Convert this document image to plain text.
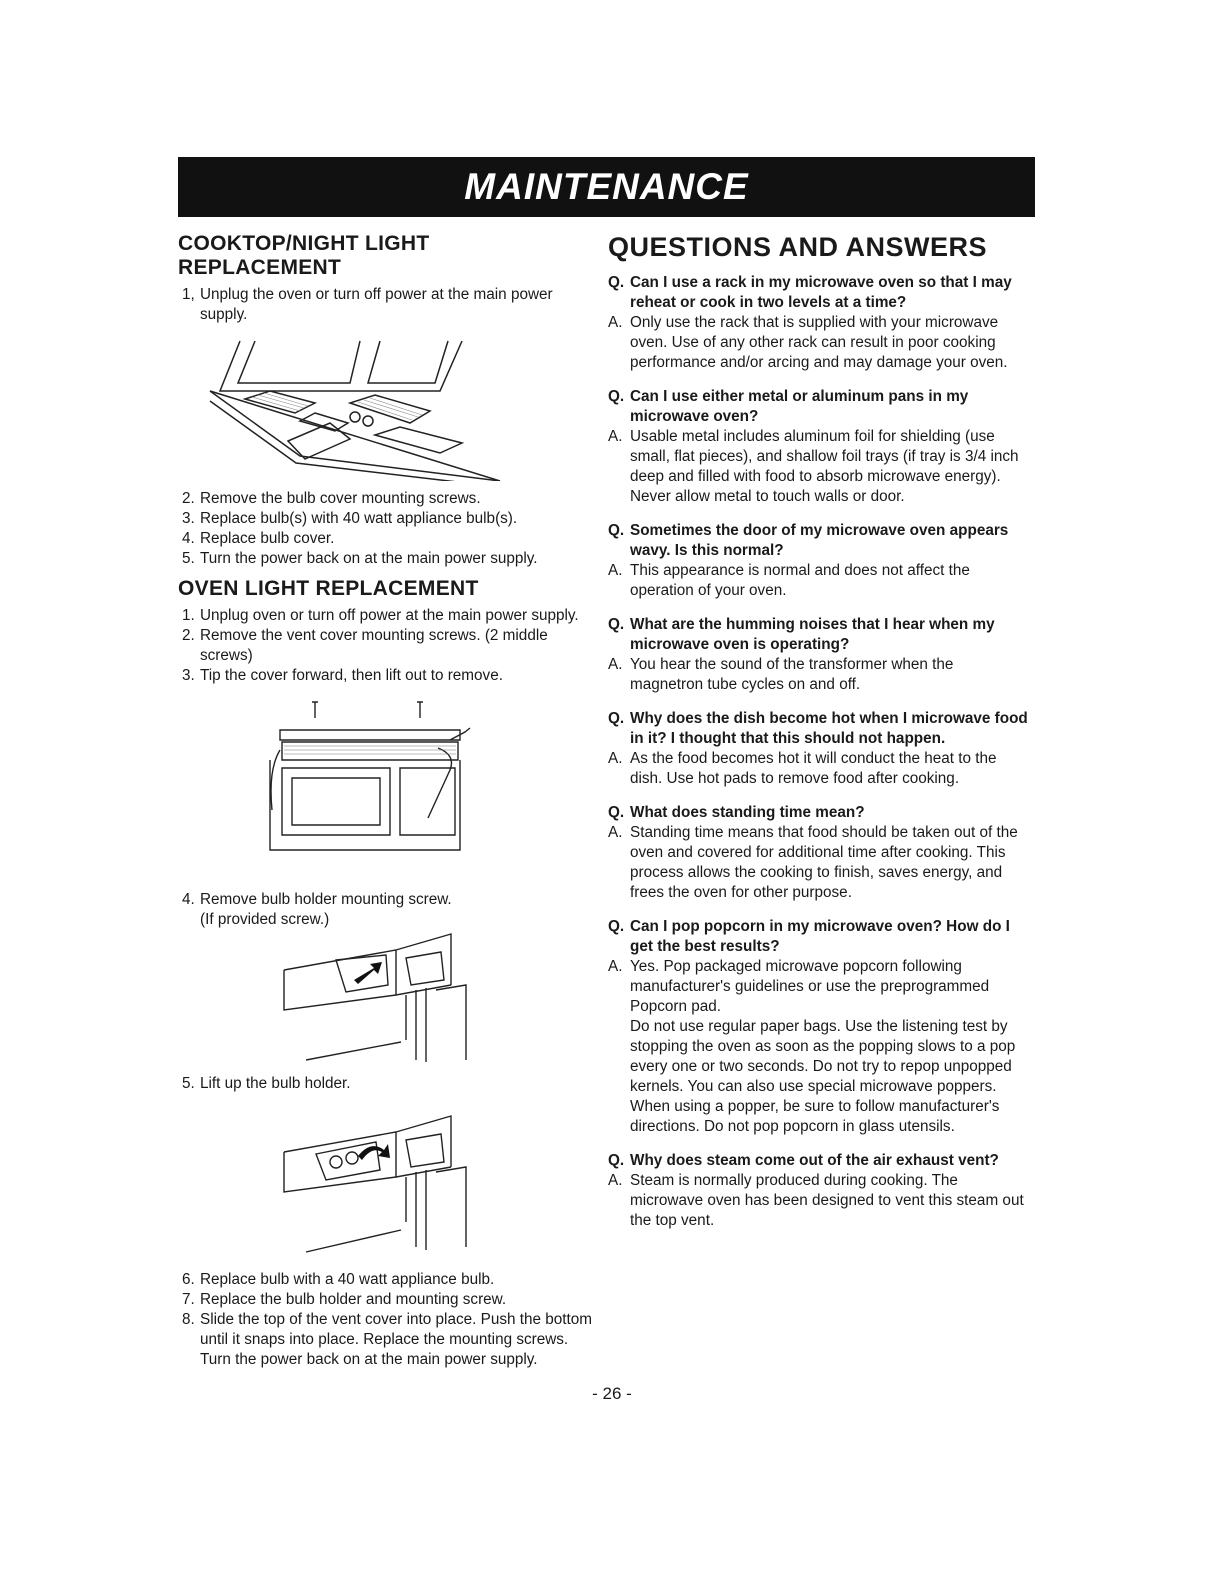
MAINTENANCE
COOKTOP/NIGHT LIGHT
REPLACEMENT
1, Unplug the oven or turn off power at the main power supply.
2. Remove the bulb cover mounting screws.
3. Replace bulb(s) with 40 watt appliance bulb(s).
4. Replace bulb cover.
5. Turn the power back on at the main power supply.
OVEN LIGHT REPLACEMENT
1. Unplug oven or turn off power at the main power supply.
2. Remove the vent cover mounting screws. (2 middle screws)
3. Tip the cover forward, then lift out to remove.
4. Remove bulb holder mounting screw.
(If provided screw.)
5. Lift up the bulb holder.
6. Replace bulb with a 40 watt appliance bulb.
7. Replace the bulb holder and mounting screw.
8. Slide the top of the vent cover into place. Push the bottom until it snaps into place. Replace the mounting screws. Turn the power back on at the main power supply.
QUESTIONS AND ANSWERS
Q. Can I use a rack in my microwave oven so that I may reheat or cook in two levels at a time?
A. Only use the rack that is supplied with your microwave oven. Use of any other rack can result in poor cooking performance and/or arcing and may damage your oven.
Q. Can I use either metal or aluminum pans in my microwave oven?
A. Usable metal includes aluminum foil for shielding (use small, flat pieces), and shallow foil trays (if tray is 3/4 inch deep and filled with food to absorb microwave energy). Never allow metal to touch walls or door.
Q. Sometimes the door of my microwave oven appears wavy. Is this normal?
A. This appearance is normal and does not affect the operation of your oven.
Q. What are the humming noises that I hear when my microwave oven is operating?
A. You hear the sound of the transformer when the magnetron tube cycles on and off.
Q. Why does the dish become hot when I microwave food in it? I thought that this should not happen.
A. As the food becomes hot it will conduct the heat to the dish. Use hot pads to remove food after cooking.
Q. What does standing time mean?
A. Standing time means that food should be taken out of the oven and covered for additional time after cooking. This process allows the cooking to finish, saves energy, and frees the oven for other purpose.
Q. Can I pop popcorn in my microwave oven? How do I get the best results?
A. Yes. Pop packaged microwave popcorn following manufacturer's guidelines or use the preprogrammed Popcorn pad.

Do not use regular paper bags. Use the listening test by stopping the oven as soon as the popping slows to a pop every one or two seconds. Do not try to repop unpopped kernels. You can also use special microwave poppers. When using a popper, be sure to follow manufacturer's directions. Do not pop popcorn in glass utensils.

Q. Why does steam come out of the air exhaust vent?
A. Steam is normally produced during cooking. The microwave oven has been designed to vent this steam out the top vent.
- 26 -
